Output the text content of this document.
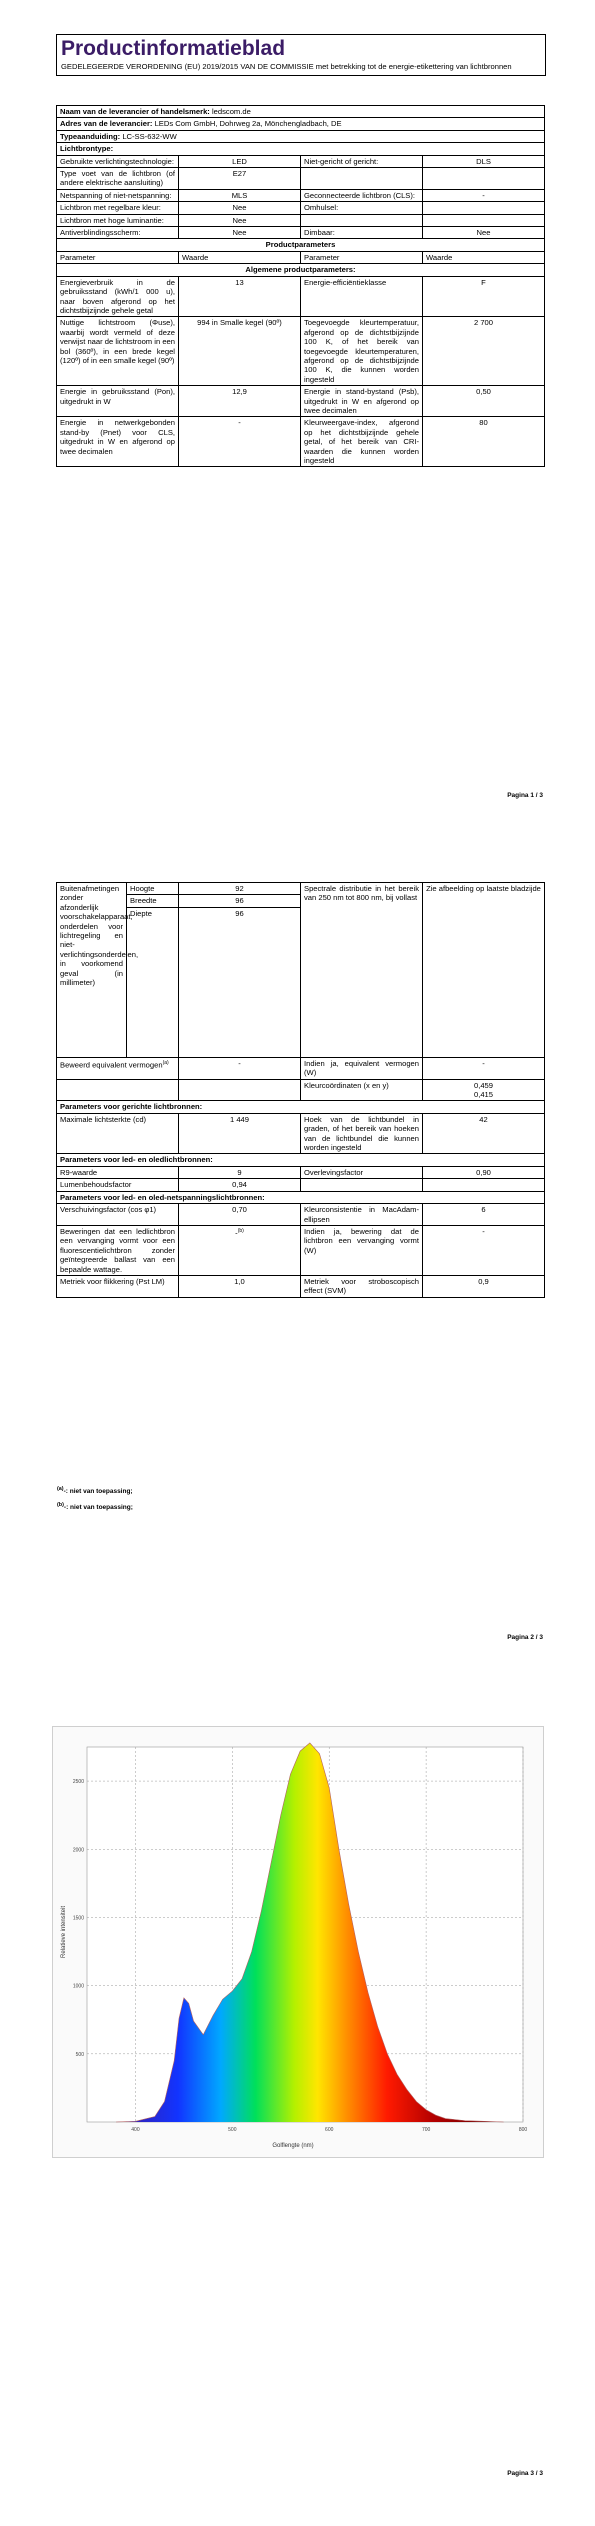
Productinformatieblad
GEDELEGEERDE VERORDENING (EU) 2019/2015 VAN DE COMMISSIE met betrekking tot de energie-etikettering van lichtbronnen
Naam van de leverancier of handelsmerk: ledscom.de			
Adres van de leverancier: LEDs Com GmbH, Dohrweg 2a, Mönchengladbach, DE			
Typeaanduiding: LC-SS-632-WW			
Lichtbrontype:			
Gebruikte verlichtingstechnologie:	LED	Niet-gericht of gericht:	DLS
Type voet van de lichtbron (of andere elektrische aansluiting)	E27		
Netspanning of niet-netspanning:	MLS	Geconnecteerde lichtbron (CLS):	-
Lichtbron met regelbare kleur:	Nee	Omhulsel:	
Lichtbron met hoge luminantie:	Nee		
Antiverblindingsscherm:	Nee	Dimbaar:	Nee
Productparameters			
Parameter	Waarde	Parameter	Waarde
Algemene productparameters:			
Energieverbruik in de gebruiksstand (kWh/1 000 u), naar boven afgerond op het dichtstbijzijnde gehele getal	13	Energie-efficiëntieklasse	F
Nuttige lichtstroom (Φuse), waarbij wordt vermeld of deze verwijst naar de lichtstroom in een bol (360º), in een brede kegel (120º) of in een smalle kegel (90º)	994 in Smalle kegel (90º)	Toegevoegde kleurtemperatuur, afgerond op de dichtstbijzijnde 100 K, of het bereik van toegevoegde kleurtemperaturen, afgerond op de dichtstbijzijnde 100 K, die kunnen worden ingesteld	2 700
Energie in gebruiksstand (Pon), uitgedrukt in W	12,9	Energie in stand-bystand (Psb), uitgedrukt in W en afgerond op twee decimalen	0,50
Energie in netwerkgebonden stand-by (Pnet) voor CLS, uitgedrukt in W en afgerond op twee decimalen	-	Kleurweergave-index, afgerond op het dichtstbijzijnde gehele getal, of het bereik van CRI-waarden die kunnen worden ingesteld	80
Pagina 1 / 3
Buitenafmetingen zonder afzonderlijk voorschakelapparaat, onderdelen voor lichtregeling en niet-verlichtingsonderdelen, in voorkomend geval (in millimeter)	Hoogte	92	Spectrale distributie in het bereik van 250 nm tot 800 nm, bij vollast	Zie afbeelding op laatste bladzijde
	Breedte	96		
	Diepte	96		
Beweerd equivalent vermogen$^{(a)}$		-	Indien ja, equivalent vermogen (W)	-
			Kleurcoördinaten (x en y)	0,459
0,415

Parameters voor gerichte lichtbronnen:				
Maximale lichtsterkte (cd)		1 449	Hoek van de lichtbundel in graden, of het bereik van hoeken van de lichtbundel die kunnen worden ingesteld	42
Parameters voor led- en oledlichtbronnen:				
R9-waarde		9	Overlevingsfactor	0,90
Lumenbehoudsfactor		0,94		
Parameters voor led- en oled-netspanningslichtbronnen:				
Verschuivingsfactor (cos φ1)		0,70	Kleurconsistentie in MacAdam-ellipsen	6
Beweringen dat een ledlichtbron een vervanging vormt voor een fluorescentielichtbron zonder geïntegreerde ballast van een bepaalde wattage.		-$^{(b)}$	Indien ja, bewering dat de lichtbron een vervanging vormt (W)	-
Metriek voor flikkering (Pst LM)		1,0	Metriek voor stroboscopisch effect (SVM)	0,9
$^{(a)}$-: niet van toepassing;
$^{(b)}$-: niet van toepassing;
Pagina 2 / 3
Pagina 3 / 3
400	500	600	700	800
500
1000
1500
2000
2500
Golflengte (nm)
Relatieve intensiteit
